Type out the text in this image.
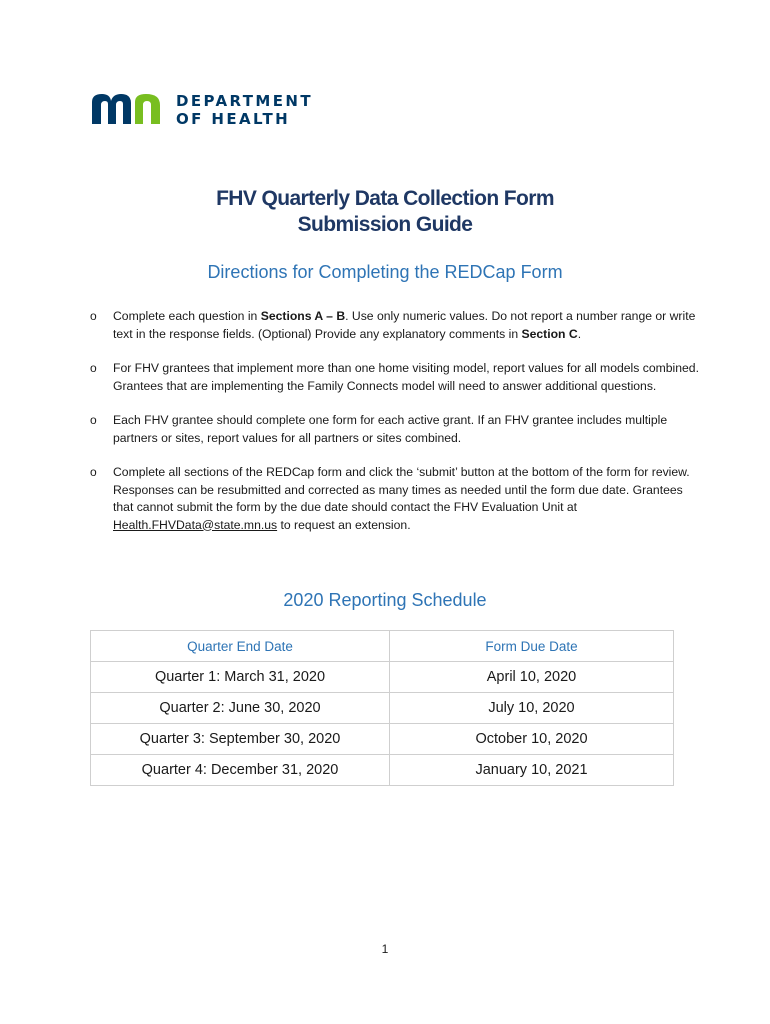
DEPARTMENT
OF HEALTH
FHV Quarterly Data Collection Form
Submission Guide
Directions for Completing the REDCap Form
o Complete each question in Sections A – B. Use only numeric values. Do not report a number range or write text in the response fields. (Optional) Provide any explanatory comments in Section C.
o For FHV grantees that implement more than one home visiting model, report values for all models combined. Grantees that are implementing the Family Connects model will need to answer additional questions.
o Each FHV grantee should complete one form for each active grant. If an FHV grantee includes multiple partners or sites, report values for all partners or sites combined.
o Complete all sections of the REDCap form and click the ‘submit’ button at the bottom of the form for review. Responses can be resubmitted and corrected as many times as needed until the form due date. Grantees that cannot submit the form by the due date should contact the FHV Evaluation Unit at Health.FHVData@state.mn.us to request an extension.
2020 Reporting Schedule
Quarter End Date	Form Due Date
Quarter 1: March 31, 2020	April 10, 2020
Quarter 2: June 30, 2020	July 10, 2020
Quarter 3: September 30, 2020	October 10, 2020
Quarter 4: December 31, 2020	January 10, 2021
1
